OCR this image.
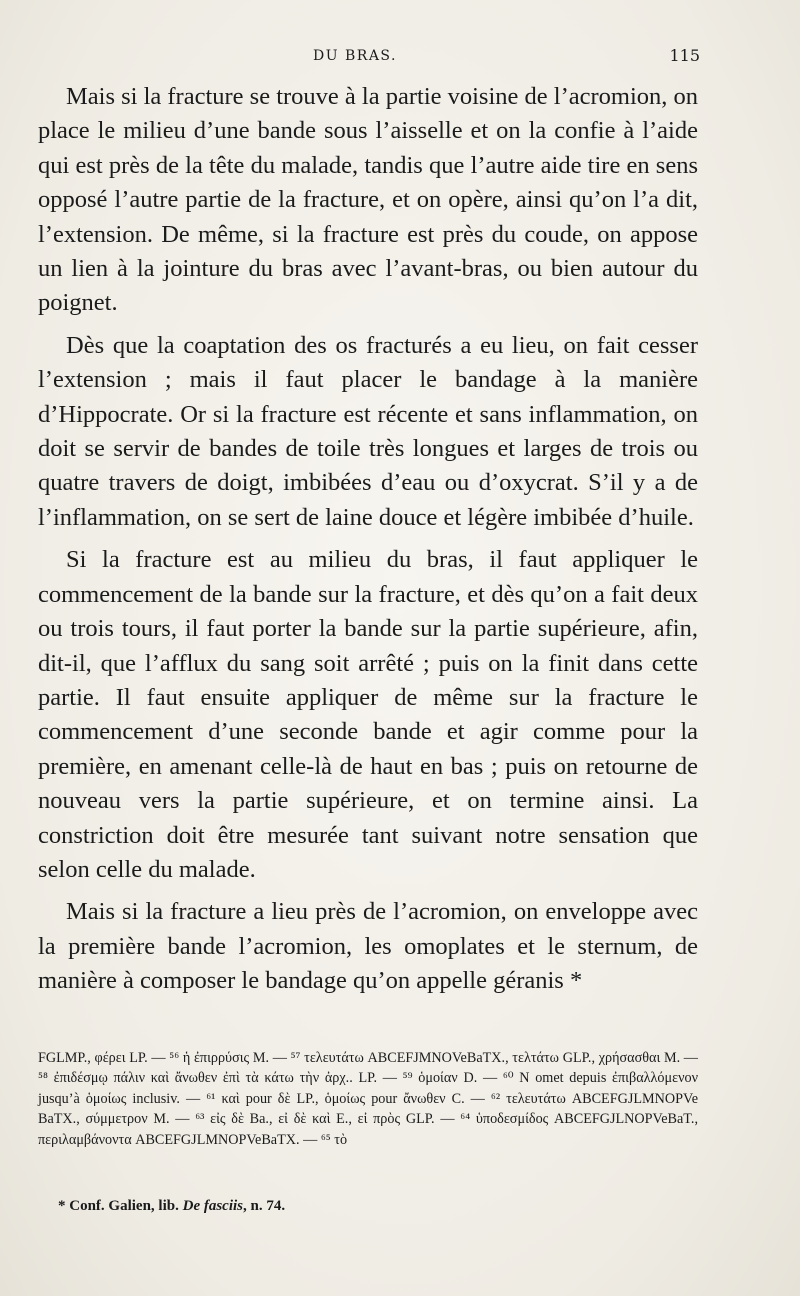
DU BRAS.	115

Mais si la fracture se trouve à la partie voisine de l’acromion, on place le milieu d’une bande sous l’aisselle et on la confie à l’aide qui est près de la tête du malade, tandis que l’autre aide tire en sens opposé l’autre partie de la fracture, et on opère, ainsi qu’on l’a dit, l’extension. De même, si la fracture est près du coude, on appose un lien à la jointure du bras avec l’avant-bras, ou bien autour du poignet.

Dès que la coaptation des os fracturés a eu lieu, on fait cesser l’extension ; mais il faut placer le bandage à la manière d’Hippocrate. Or si la fracture est récente et sans inflammation, on doit se servir de bandes de toile très longues et larges de trois ou quatre travers de doigt, imbibées d’eau ou d’oxycrat. S’il y a de l’inflammation, on se sert de laine douce et légère imbibée d’huile.

Si la fracture est au milieu du bras, il faut appliquer le commencement de la bande sur la fracture, et dès qu’on a fait deux ou trois tours, il faut porter la bande sur la partie supérieure, afin, dit-il, que l’afflux du sang soit arrêté ; puis on la finit dans cette partie. Il faut ensuite appliquer de même sur la fracture le commencement d’une seconde bande et agir comme pour la première, en amenant celle-là de haut en bas ; puis on retourne de nouveau vers la partie supérieure, et on termine ainsi. La constriction doit être mesurée tant suivant notre sensation que selon celle du malade.

Mais si la fracture a lieu près de l’acromion, on enveloppe avec la première bande l’acromion, les omoplates et le sternum, de manière à composer le bandage qu’on appelle géranis *

FGLMP., φέρει LP. — ⁵⁶ ἡ ἐπιρρύσις M. — ⁵⁷ τελευτάτω ABCEFJMNOVeBaTX., τελτάτω GLP., χρήσασθαι M. — ⁵⁸ ἐπιδέσμῳ πάλιν καὶ ἄνωθεν ἐπὶ τὰ κάτω τὴν ἀρχ.. LP. — ⁵⁹ ὁμοίαν D. — ⁶⁰ N omet depuis ἐπιβαλλόμενον jusqu’à ὁμοίως inclusiv. — ⁶¹ καὶ pour δὲ LP., ὁμοίως pour ἄνωθεν C. — ⁶² τελευτάτω ABCEFGJLMNOPVe BaTX., σύμμετρον M. — ⁶³ εἰς δὲ Ba., εἰ δὲ καὶ E., εἰ πρὸς GLP. — ⁶⁴ ὑποδεσμίδος ABCEFGJLNOPVeBaT., περιλαμβάνοντα ABCEFGJLMNOPVeBaTX. — ⁶⁵ τὸ

* Conf. Galien, lib. De fasciis, n. 74.
